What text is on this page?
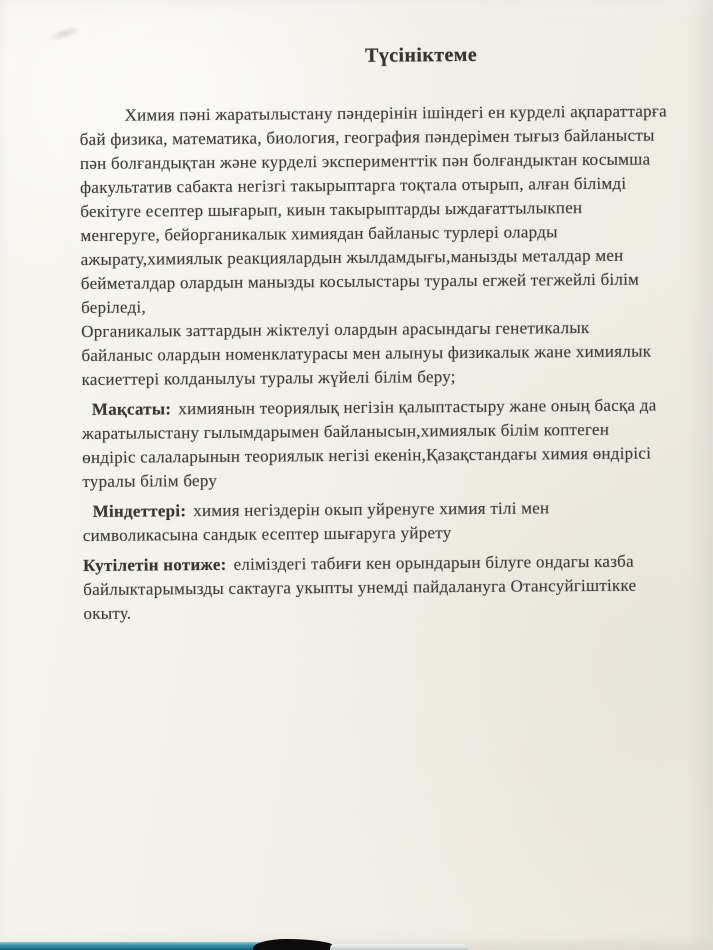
Түсініктеме

Химия пәні жаратылыстану пәндерінін ішіндегі ен курделі ақпараттарға
бай физика, математика, биология, география пәндерімен тығыз байланысты
пән болғандықтан және курделі эксперименттік пән болғандыктан косымша
факультатив сабакта негізгі такырыптарга тоқтала отырып, алған білімді
бекітуге есептер шығарып, киын такырыптарды ыждағаттылыкпен
менгеруге, бейорганикалык химиядан байланыс турлері оларды
ажырату,химиялык реакциялардын жылдамдығы,манызды металдар мен
бейметалдар олардын манызды косылыстары туралы егжей тегжейлі білім
беріледі,

Органикалык заттардын жіктелуі олардын арасындагы генетикалык
байланыс олардын номенклатурасы мен алынуы физикалык жане химиялык
касиеттері колданылуы туралы жүйелі білім беру;

Мақсаты: химиянын теориялық негізін қалыптастыру жане оның басқа да
жаратылыстану гылымдарымен байланысын,химиялык білім коптеген
өндіріс салаларынын теориялык негізі екенін,Қазақстандағы химия өндірісі
туралы білім беру

Міндеттері: химия негіздерін окып уйренуге химия тілі мен
символикасына сандык есептер шығаруга уйрету

Кутілетін нотиже: еліміздегі табиғи кен орындарын білуге ондагы казба
байлыктарымызды сактауга укыпты унемді пайдалануга Отансуйгіштікке
окыту.
